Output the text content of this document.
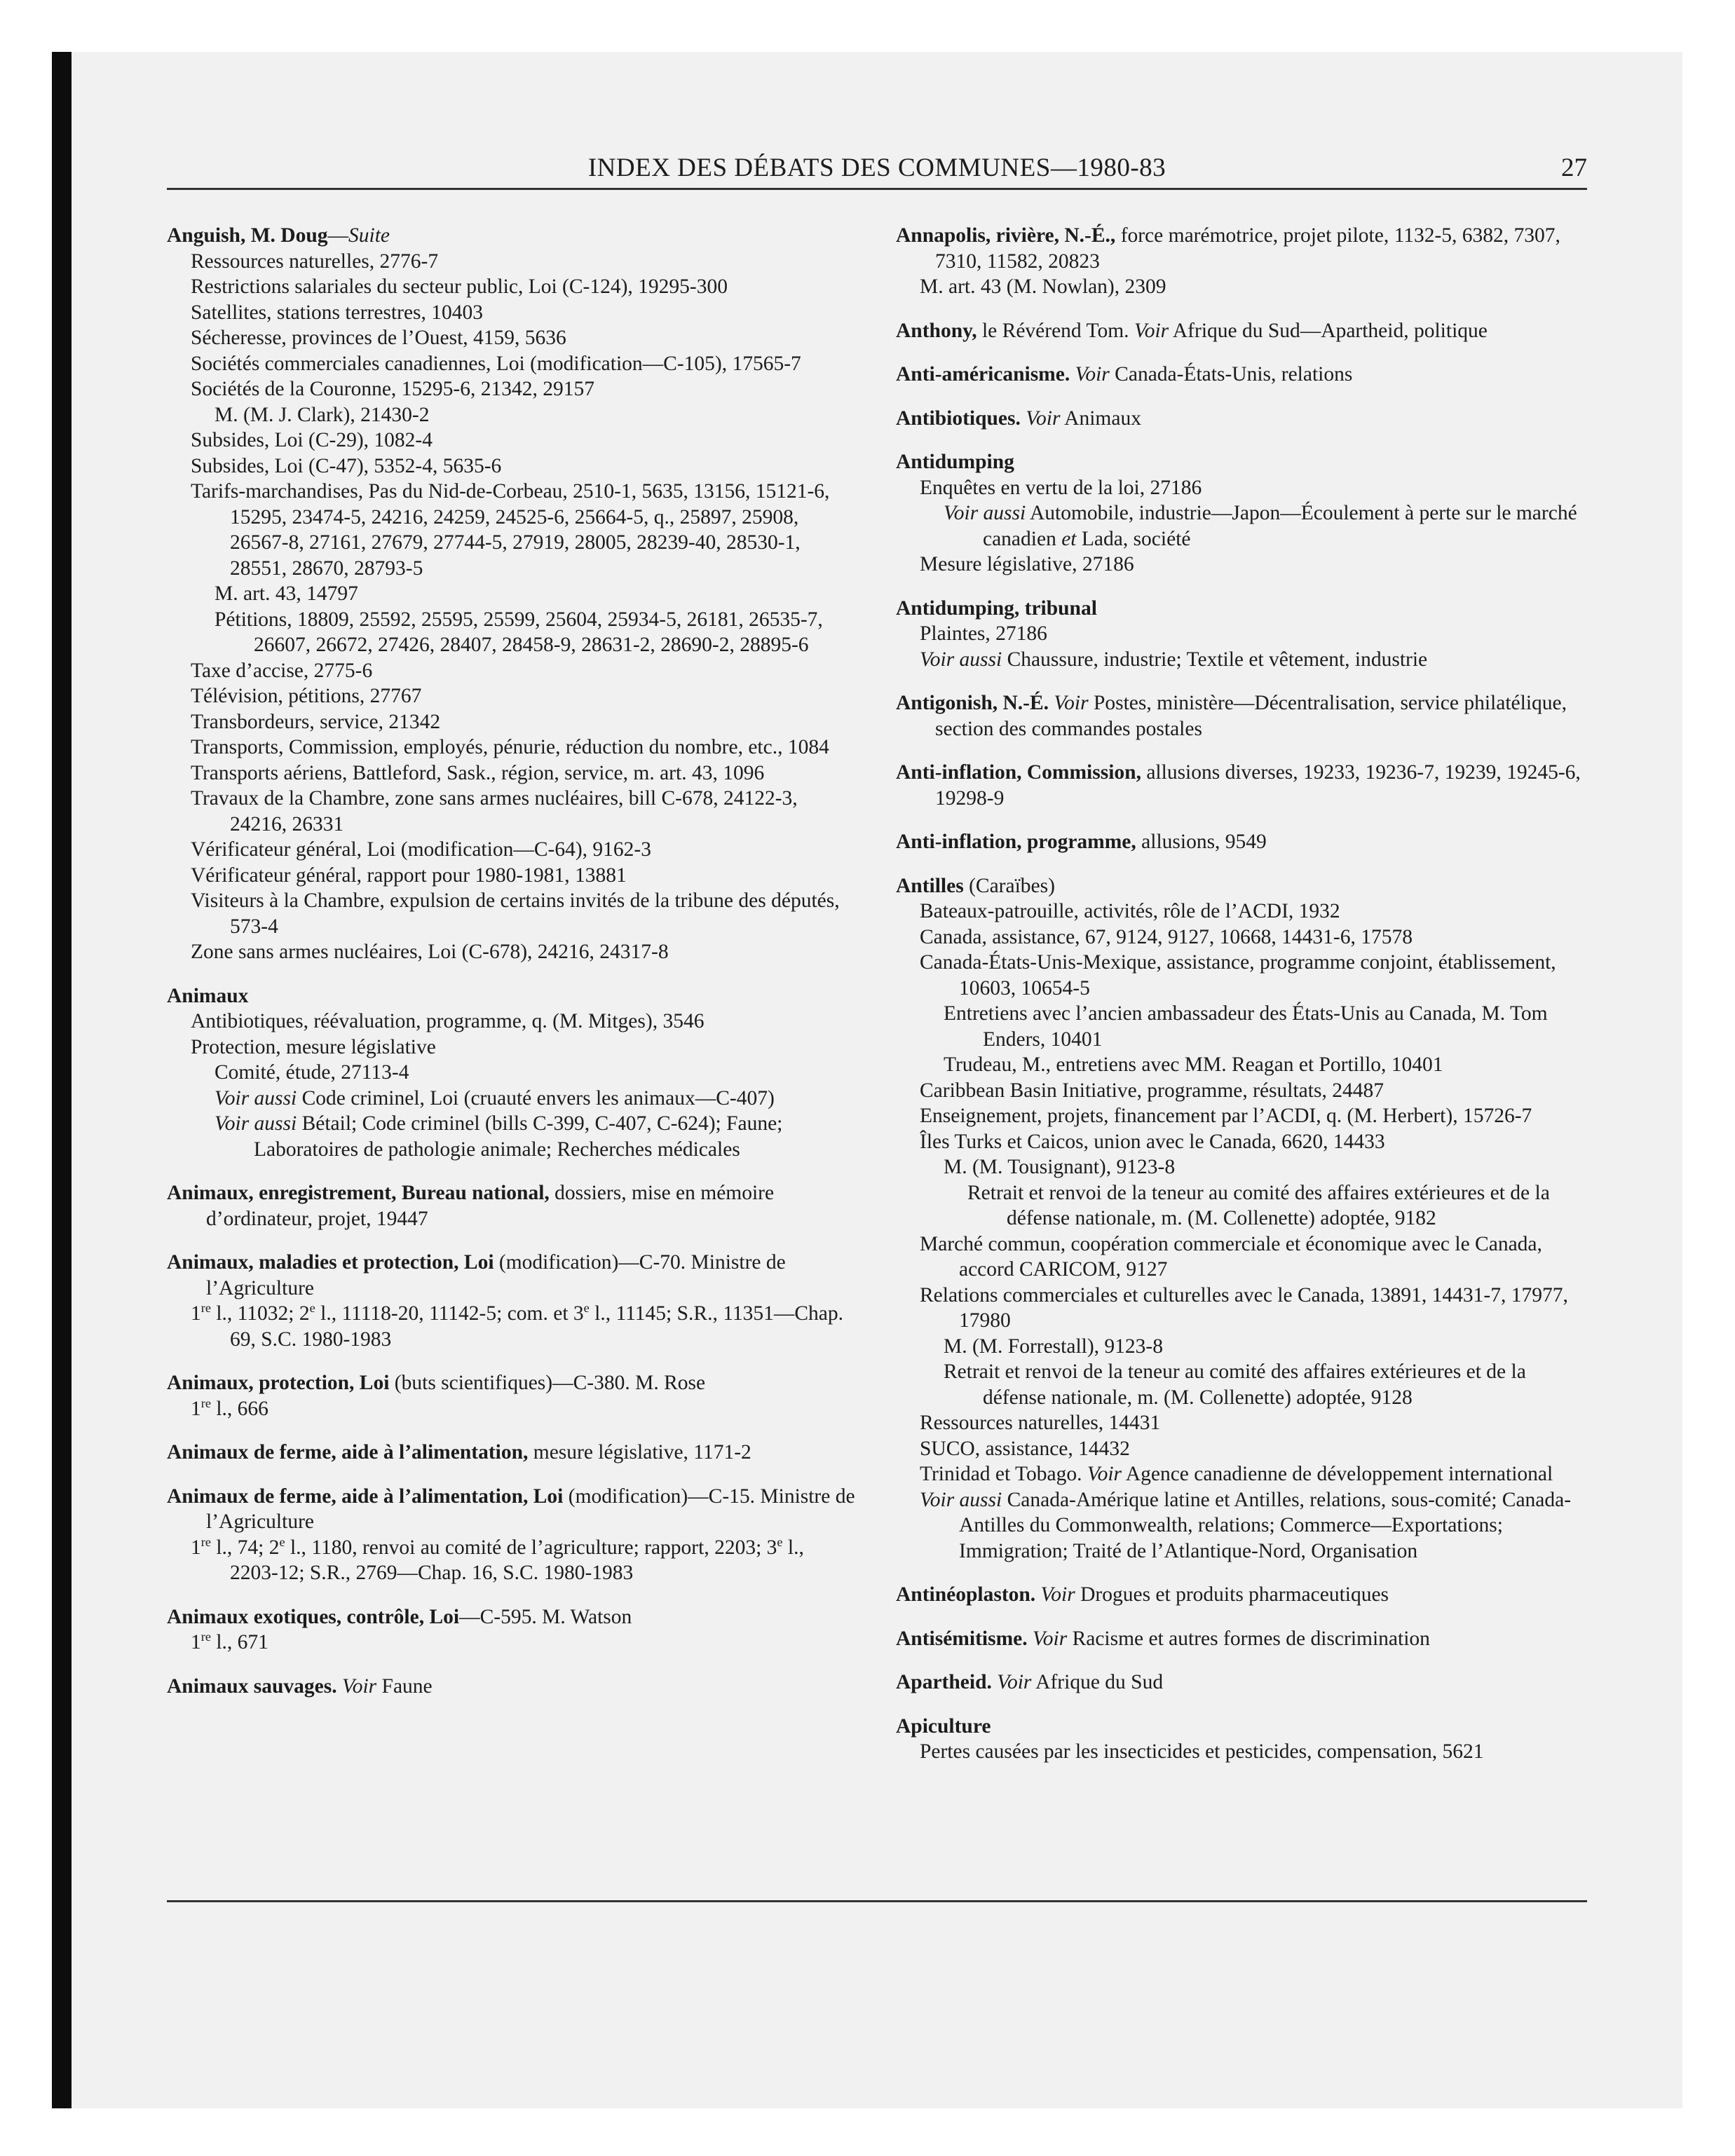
INDEX DES DÉBATS DES COMMUNES—1980-83	27
Anguish, M. Doug—Suite
Ressources naturelles, 2776-7
Restrictions salariales du secteur public, Loi (C-124), 19295-300
Satellites, stations terrestres, 10403
Sécheresse, provinces de l’Ouest, 4159, 5636
Sociétés commerciales canadiennes, Loi (modification—C-105), 17565-7
Sociétés de la Couronne, 15295-6, 21342, 29157
M. (M. J. Clark), 21430-2
Subsides, Loi (C-29), 1082-4
Subsides, Loi (C-47), 5352-4, 5635-6
Tarifs-marchandises, Pas du Nid-de-Corbeau, 2510-1, 5635, 13156, 15121-6, 15295, 23474-5, 24216, 24259, 24525-6, 25664-5, q., 25897, 25908, 26567-8, 27161, 27679, 27744-5, 27919, 28005, 28239-40, 28530-1, 28551, 28670, 28793-5
M. art. 43, 14797
Pétitions, 18809, 25592, 25595, 25599, 25604, 25934-5, 26181, 26535-7, 26607, 26672, 27426, 28407, 28458-9, 28631-2, 28690-2, 28895-6
Taxe d’accise, 2775-6
Télévision, pétitions, 27767
Transbordeurs, service, 21342
Transports, Commission, employés, pénurie, réduction du nombre, etc., 1084
Transports aériens, Battleford, Sask., région, service, m. art. 43, 1096
Travaux de la Chambre, zone sans armes nucléaires, bill C-678, 24122-3, 24216, 26331
Vérificateur général, Loi (modification—C-64), 9162-3
Vérificateur général, rapport pour 1980-1981, 13881
Visiteurs à la Chambre, expulsion de certains invités de la tribune des députés, 573-4
Zone sans armes nucléaires, Loi (C-678), 24216, 24317-8
Animaux
Antibiotiques, réévaluation, programme, q. (M. Mitges), 3546
Protection, mesure législative
Comité, étude, 27113-4
Voir aussi Code criminel, Loi (cruauté envers les animaux—C-407)
Voir aussi Bétail; Code criminel (bills C-399, C-407, C-624); Faune; Laboratoires de pathologie animale; Recherches médicales
Animaux, enregistrement, Bureau national, dossiers, mise en mémoire d’ordinateur, projet, 19447
Animaux, maladies et protection, Loi (modification)—C-70. Ministre de l’Agriculture
1re l., 11032; 2e l., 11118-20, 11142-5; com. et 3e l., 11145; S.R., 11351—Chap. 69, S.C. 1980-1983
Animaux, protection, Loi (buts scientifiques)—C-380. M. Rose
1re l., 666
Animaux de ferme, aide à l’alimentation, mesure législative, 1171-2
Animaux de ferme, aide à l’alimentation, Loi (modification)—C-15. Ministre de l’Agriculture
1re l., 74; 2e l., 1180, renvoi au comité de l’agriculture; rapport, 2203; 3e l., 2203-12; S.R., 2769—Chap. 16, S.C. 1980-1983
Animaux exotiques, contrôle, Loi—C-595. M. Watson
1re l., 671
Animaux sauvages. Voir Faune
Annapolis, rivière, N.-É., force marémotrice, projet pilote, 1132-5, 6382, 7307, 7310, 11582, 20823
M. art. 43 (M. Nowlan), 2309
Anthony, le Révérend Tom. Voir Afrique du Sud—Apartheid, politique
Anti-américanisme. Voir Canada-États-Unis, relations
Antibiotiques. Voir Animaux
Antidumping
Enquêtes en vertu de la loi, 27186
Voir aussi Automobile, industrie—Japon—Écoulement à perte sur le marché canadien et Lada, société
Mesure législative, 27186
Antidumping, tribunal
Plaintes, 27186
Voir aussi Chaussure, industrie; Textile et vêtement, industrie
Antigonish, N.-É. Voir Postes, ministère—Décentralisation, service philatélique, section des commandes postales
Anti-inflation, Commission, allusions diverses, 19233, 19236-7, 19239, 19245-6, 19298-9
Anti-inflation, programme, allusions, 9549
Antilles (Caraïbes)
Bateaux-patrouille, activités, rôle de l’ACDI, 1932
Canada, assistance, 67, 9124, 9127, 10668, 14431-6, 17578
Canada-États-Unis-Mexique, assistance, programme conjoint, établissement, 10603, 10654-5
Entretiens avec l’ancien ambassadeur des États-Unis au Canada, M. Tom Enders, 10401
Trudeau, M., entretiens avec MM. Reagan et Portillo, 10401
Caribbean Basin Initiative, programme, résultats, 24487
Enseignement, projets, financement par l’ACDI, q. (M. Herbert), 15726-7
Îles Turks et Caicos, union avec le Canada, 6620, 14433
M. (M. Tousignant), 9123-8
Retrait et renvoi de la teneur au comité des affaires extérieures et de la défense nationale, m. (M. Collenette) adoptée, 9182
Marché commun, coopération commerciale et économique avec le Canada, accord CARICOM, 9127
Relations commerciales et culturelles avec le Canada, 13891, 14431-7, 17977, 17980
M. (M. Forrestall), 9123-8
Retrait et renvoi de la teneur au comité des affaires extérieures et de la défense nationale, m. (M. Collenette) adoptée, 9128
Ressources naturelles, 14431
SUCO, assistance, 14432
Trinidad et Tobago. Voir Agence canadienne de développement international
Voir aussi Canada-Amérique latine et Antilles, relations, sous-comité; Canada-Antilles du Commonwealth, relations; Commerce—Exportations; Immigration; Traité de l’Atlantique-Nord, Organisation
Antinéoplaston. Voir Drogues et produits pharmaceutiques
Antisémitisme. Voir Racisme et autres formes de discrimination
Apartheid. Voir Afrique du Sud
Apiculture
Pertes causées par les insecticides et pesticides, compensation, 5621
